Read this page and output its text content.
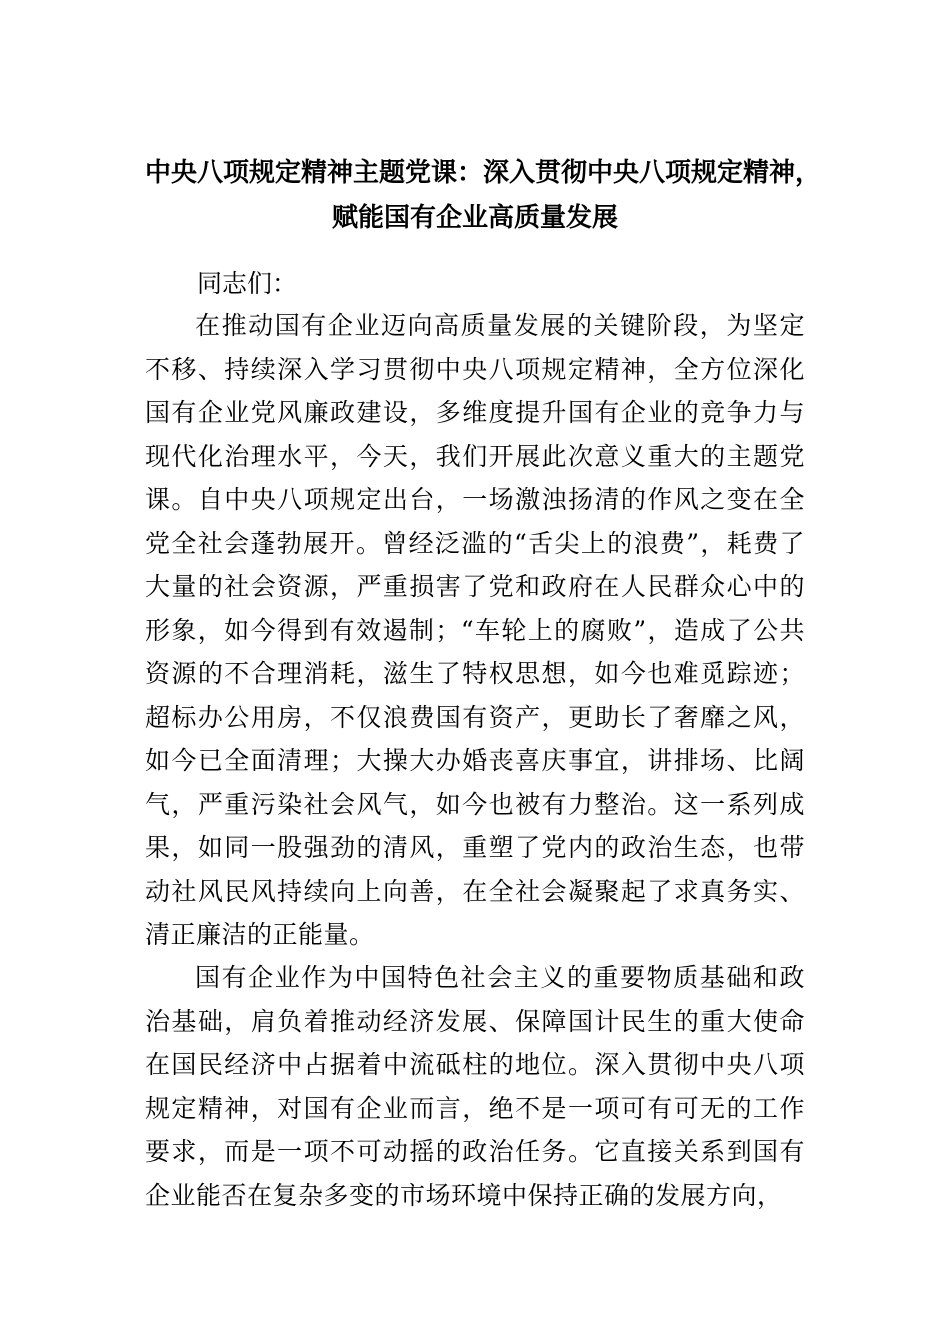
中央八项规定精神主题党课：深入贯彻中央八项规定精神，
赋能国有企业高质量发展

同志们：

在推动国有企业迈向高质量发展的关键阶段，为坚定不移、持续深入学习贯彻中央八项规定精神，全方位深化国有企业党风廉政建设，多维度提升国有企业的竞争力与现代化治理水平，今天，我们开展此次意义重大的主题党课。自中央八项规定出台，一场激浊扬清的作风之变在全党全社会蓬勃展开。曾经泛滥的“舌尖上的浪费”，耗费了大量的社会资源，严重损害了党和政府在人民群众心中的形象，如今得到有效遏制；“车轮上的腐败”，造成了公共资源的不合理消耗，滋生了特权思想，如今也难觅踪迹；超标办公用房，不仅浪费国有资产，更助长了奢靡之风，如今已全面清理；大操大办婚丧喜庆事宜，讲排场、比阔气，严重污染社会风气，如今也被有力整治。这一系列成果，如同一股强劲的清风，重塑了党内的政治生态，也带动社风民风持续向上向善，在全社会凝聚起了求真务实、清正廉洁的正能量。

国有企业作为中国特色社会主义的重要物质基础和政治基础，肩负着推动经济发展、保障国计民生的重大使命在国民经济中占据着中流砥柱的地位。深入贯彻中央八项规定精神，对国有企业而言，绝不是一项可有可无的工作要求，而是一项不可动摇的政治任务。它直接关系到国有企业能否在复杂多变的市场环境中保持正确的发展方向，
